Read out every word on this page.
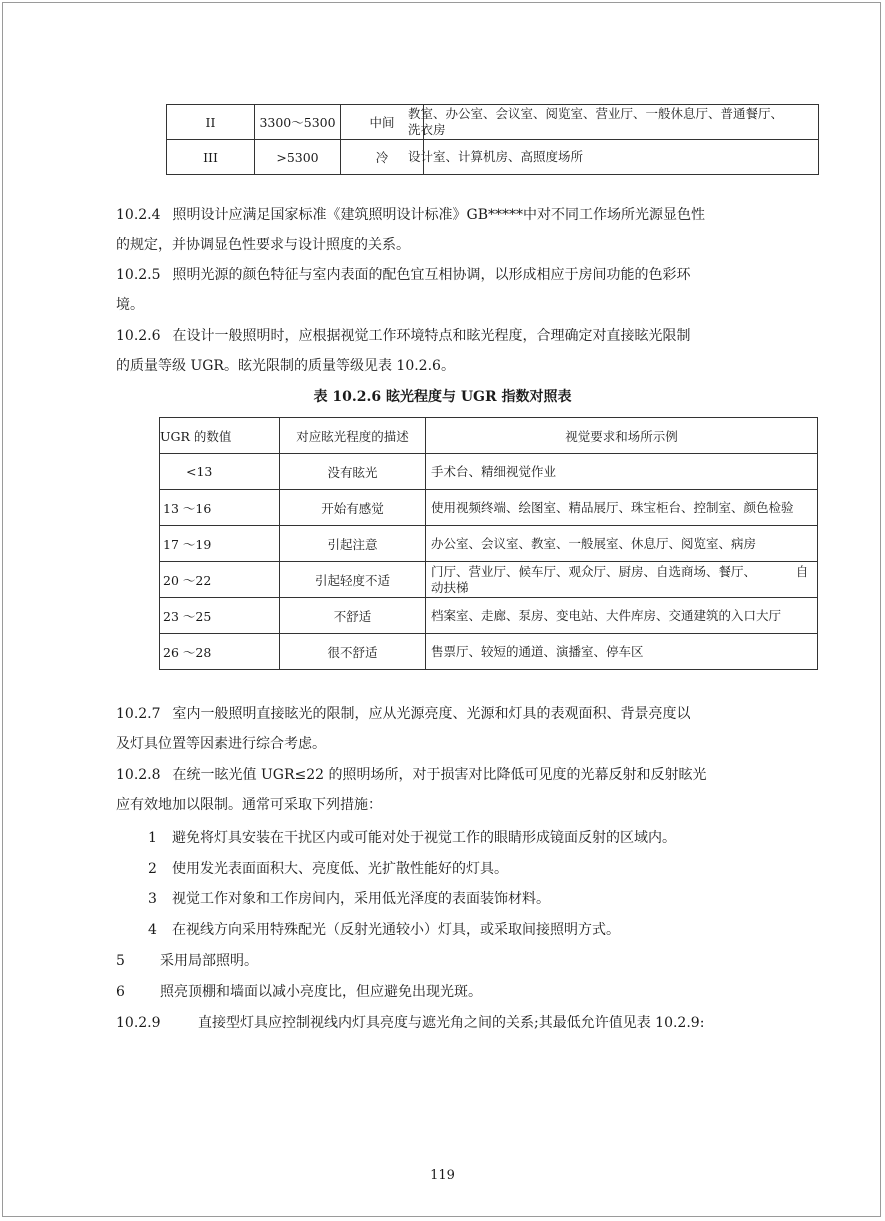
II	3300～5300	中间	教室、办公室、会议室、阅览室、营业厅、一般休息厅、普通餐厅、
洗衣房

III	>5300	冷	设计室、计算机房、高照度场所
10.2.4 照明设计应满足国家标准《建筑照明设计标准》GB*****中对不同工作场所光源显色性
的规定，并协调显色性要求与设计照度的关系。
10.2.5 照明光源的颜色特征与室内表面的配色宜互相协调，以形成相应于房间功能的色彩环
境。
10.2.6 在设计一般照明时，应根据视觉工作环境特点和眩光程度，合理确定对直接眩光限制
的质量等级 UGR。眩光限制的质量等级见表 10.2.6。
表 10.2.6 眩光程度与 UGR 指数对照表
UGR 的数值	对应眩光程度的描述	视觉要求和场所示例
<13	没有眩光	手术台、精细视觉作业
13 ～16	开始有感觉	使用视频终端、绘图室、精品展厅、珠宝柜台、控制室、颜色检验
17 ～19	引起注意	办公室、会议室、教室、一般展室、休息厅、阅览室、病房
20 ～22	引起轻度不适	门厅、营业厅、候车厅、观众厅、厨房、自选商场、餐厅、          自
动扶梯

23 ～25	不舒适	档案室、走廊、泵房、变电站、大件库房、交通建筑的入口大厅
26 ～28	很不舒适	售票厅、较短的通道、演播室、停车区
10.2.7 室内一般照明直接眩光的限制，应从光源亮度、光源和灯具的表观面积、背景亮度以
及灯具位置等因素进行综合考虑。
10.2.8 在统一眩光值 UGR≤22 的照明场所，对于损害对比降低可见度的光幕反射和反射眩光
应有效地加以限制。通常可采取下列措施：
1 避免将灯具安装在干扰区内或可能对处于视觉工作的眼睛形成镜面反射的区域内。
2 使用发光表面面积大、亮度低、光扩散性能好的灯具。
3 视觉工作对象和工作房间内，采用低光泽度的表面装饰材料。
4 在视线方向采用特殊配光（反射光通较小）灯具，或采取间接照明方式。
5	采用局部照明。
6	照亮顶棚和墙面以减小亮度比，但应避免出现光斑。
10.2.9	直接型灯具应控制视线内灯具亮度与遮光角之间的关系;其最低允许值见表 10.2.9:
119
